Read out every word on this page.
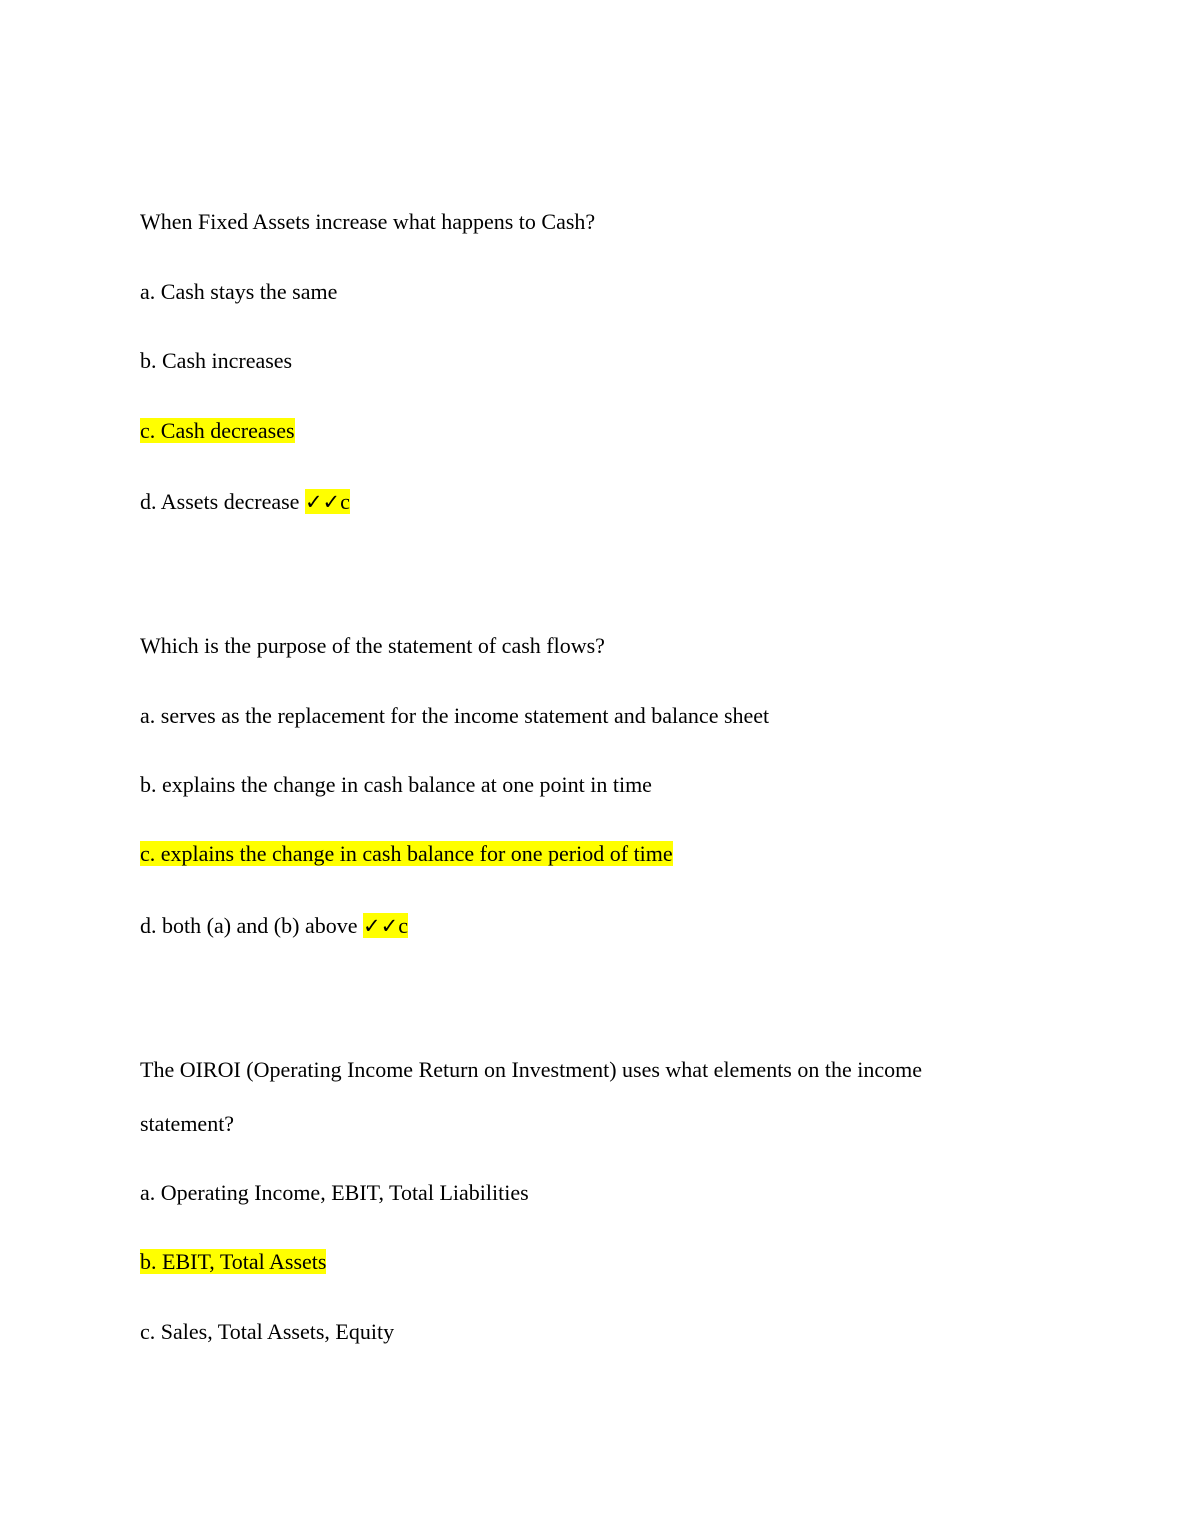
When Fixed Assets increase what happens to Cash?

a. Cash stays the same

b. Cash increases

c. Cash decreases

d. Assets decrease ✓✓c

Which is the purpose of the statement of cash flows?

a. serves as the replacement for the income statement and balance sheet

b. explains the change in cash balance at one point in time

c. explains the change in cash balance for one period of time

d. both (a) and (b) above ✓✓c

The OIROI (Operating Income Return on Investment) uses what elements on the income

statement?

a. Operating Income, EBIT, Total Liabilities

b. EBIT, Total Assets

c. Sales, Total Assets, Equity
